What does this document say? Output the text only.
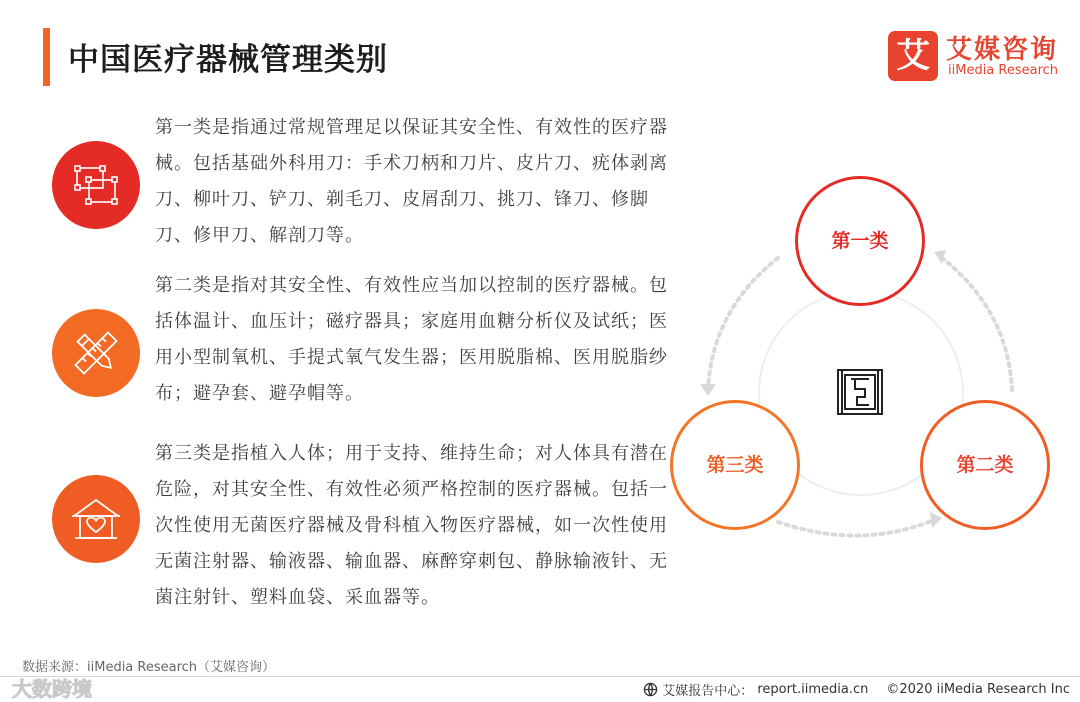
中国医疗器械管理类别	艾 艾媒咨询
iiMedia Research

第一类是指通过常规管理足以保证其安全性、有效性的医疗器械。包括基础外科用刀：手术刀柄和刀片、皮片刀、疣体剥离刀、柳叶刀、铲刀、剃毛刀、皮屑刮刀、挑刀、锋刀、修脚刀、修甲刀、解剖刀等。

第二类是指对其安全性、有效性应当加以控制的医疗器械。包括体温计、血压计；磁疗器具；家庭用血糖分析仪及试纸；医用小型制氧机、手提式氧气发生器；医用脱脂棉、医用脱脂纱布；避孕套、避孕帽等。

第三类是指植入人体；用于支持、维持生命；对人体具有潜在危险，对其安全性、有效性必须严格控制的医疗器械。包括一次性使用无菌医疗器械及骨科植入物医疗器械，如一次性使用无菌注射器、输液器、输血器、麻醉穿刺包、静脉输液针、无菌注射针、塑料血袋、采血器等。

第一类
第二类
第三类
数据来源：iiMedia Research（艾媒咨询）
大数跨境	艾媒报告中心： report.iimedia.cn ©2020 iiMedia Research Inc
